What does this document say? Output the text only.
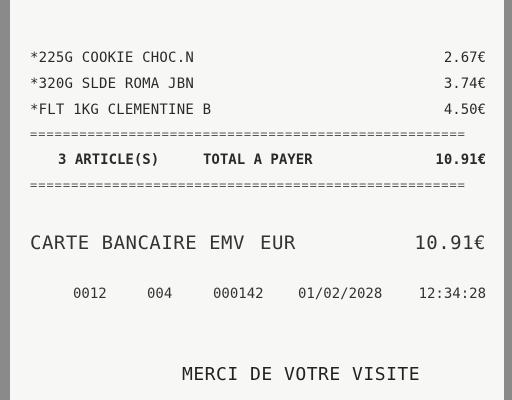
*225G COOKIE CHOC.N	2.67€
*320G SLDE ROMA JBN	3.74€
*FLT 1KG CLEMENTINE B	4.50€
=====================================================
3 ARTICLE(S)	TOTAL A PAYER	10.91€
=====================================================
CARTE BANCAIRE EMV EUR	10.91€
0012	004	000142 01/02/2028	12:34:28
MERCI DE VOTRE VISITE
